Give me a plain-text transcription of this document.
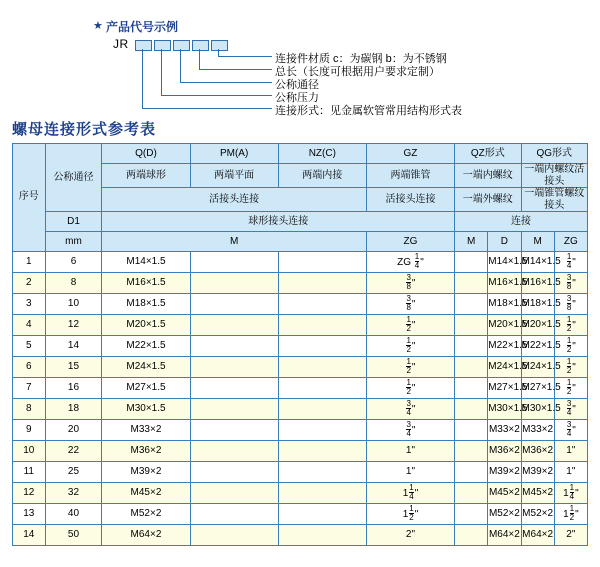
★ 产品代号示例
JR
连接件材质 c：为碳钢 b：为不锈钢
总长（长度可根据用户要求定制）
公称通径
公称压力
连接形式：见金属软管常用结构形式表
螺母连接形式参考表
序号	公称通径	Q(D)	PM(A)	NZ(C)	GZ	QZ形式		QG形式	
		两端球形	两端平面	两端内接	两端锥管	一端内螺纹		一端内螺纹活接头	
		活接头连接			活接头连接	一端外螺纹		一端锥管螺纹接头	
	D1	球形接头连接				连接			
	mm	M			ZG	M	D	M	ZG
1	6	M14×1.5			ZG $\frac{1}{4}$ "		M14×1.5	M14×1.5	$\frac{1}{4}$ "
2	8	M16×1.5			$\frac{3}{8}$ "		M16×1.5	M16×1.5	$\frac{3}{8}$ "
3	10	M18×1.5			$\frac{3}{8}$ "		M18×1.5	M18×1.5	$\frac{3}{8}$ "
4	12	M20×1.5			$\frac{1}{2}$ "		M20×1.5	M20×1.5	$\frac{1}{2}$ "
5	14	M22×1.5			$\frac{1}{2}$ "		M22×1.5	M22×1.5	$\frac{1}{2}$ "
6	15	M24×1.5			$\frac{1}{2}$ "		M24×1.5	M24×1.5	$\frac{1}{2}$ "
7	16	M27×1.5			$\frac{1}{2}$ "		M27×1.5	M27×1.5	$\frac{1}{2}$ "
8	18	M30×1.5			$\frac{3}{4}$ "		M30×1.5	M30×1.5	$\frac{3}{4}$ "
9	20	M33×2			$\frac{3}{4}$ "		M33×2	M33×2	$\frac{3}{4}$ "
10	22	M36×2			1"		M36×2	M36×2	1"
11	25	M39×2			1"		M39×2	M39×2	1"
12	32	M45×2			$1 \frac{1}{4}$ "		M45×2	M45×2	$1 \frac{1}{4}$ "
13	40	M52×2			$1 \frac{1}{2}$ "		M52×2	M52×2	$1 \frac{1}{2}$ "
14	50	M64×2			2"		M64×2	M64×2	2"
